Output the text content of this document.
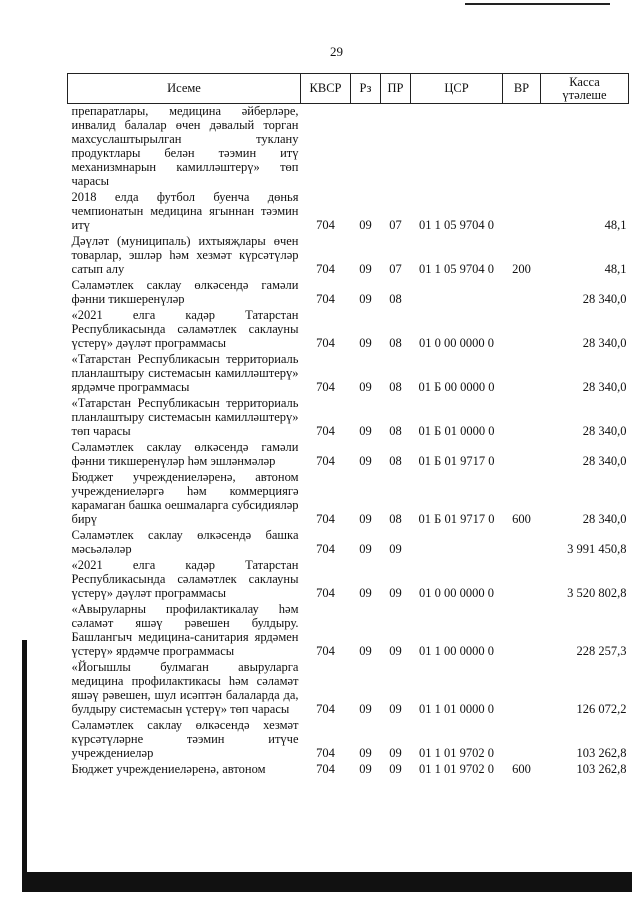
29
Исеме	КВСР	Рз	ПР	ЦСР	ВР	Касса
үтәлеше
препаратлары, медицина әйберләре, инвалид балалар өчен дәвалый торган махсуслаштырылган туклану продуктлары белән тәэмин итү механизмнарын камилләштерү» төп чарасы						
2018 елда футбол буенча дөнья чемпионатын медицина ягыннан тәэмин итү	704	09	07	01 1 05 9704 0		48,1
Дәүләт (муниципаль) ихтыяҗлары өчен товарлар, эшләр һәм хезмәт күрсәтүләр сатып алу	704	09	07	01 1 05 9704 0	200	48,1
Сәламәтлек саклау өлкәсендә гамәли фәнни тикшеренүләр	704	09	08			28 340,0
«2021 елга кадәр Татарстан Республикасында сәламәтлек саклауны үстерү» дәүләт программасы	704	09	08	01 0 00 0000 0		28 340,0
«Татарстан Республикасын территориаль планлаштыру системасын камилләштерү» ярдәмче программасы	704	09	08	01 Б 00 0000 0		28 340,0
«Татарстан Республикасын территориаль планлаштыру системасын камилләштерү» төп чарасы	704	09	08	01 Б 01 0000 0		28 340,0
Сәламәтлек саклау өлкәсендә гамәли фәнни тикшеренүләр һәм эшләнмәләр	704	09	08	01 Б 01 9717 0		28 340,0
Бюджет учреждениеләренә, автоном учреждениеләргә һәм коммерциягә карамаган башка оешмаларга субсидияләр бирү	704	09	08	01 Б 01 9717 0	600	28 340,0
Сәламәтлек саклау өлкәсендә башка мәсьәләләр	704	09	09			3 991 450,8
«2021 елга кадәр Татарстан Республикасында сәламәтлек саклауны үстерү» дәүләт программасы	704	09	09	01 0 00 0000 0		3 520 802,8
«Авыруларны профилактикалау һәм сәламәт яшәү рәвешен булдыру. Башлангыч медицина-санитария ярдәмен үстерү» ярдәмче программасы	704	09	09	01 1 00 0000 0		228 257,3
«Йогышлы булмаган авыруларга медицина профилактикасы һәм сәламәт яшәү рәвешен, шул исәптән балаларда да, булдыру системасын үстерү» төп чарасы	704	09	09	01 1 01 0000 0		126 072,2
Сәламәтлек саклау өлкәсендә хезмәт күрсәтүләрне тәэмин итүче учреждениеләр	704	09	09	01 1 01 9702 0		103 262,8
Бюджет учреждениеләренә, автоном	704	09	09	01 1 01 9702 0	600	103 262,8
